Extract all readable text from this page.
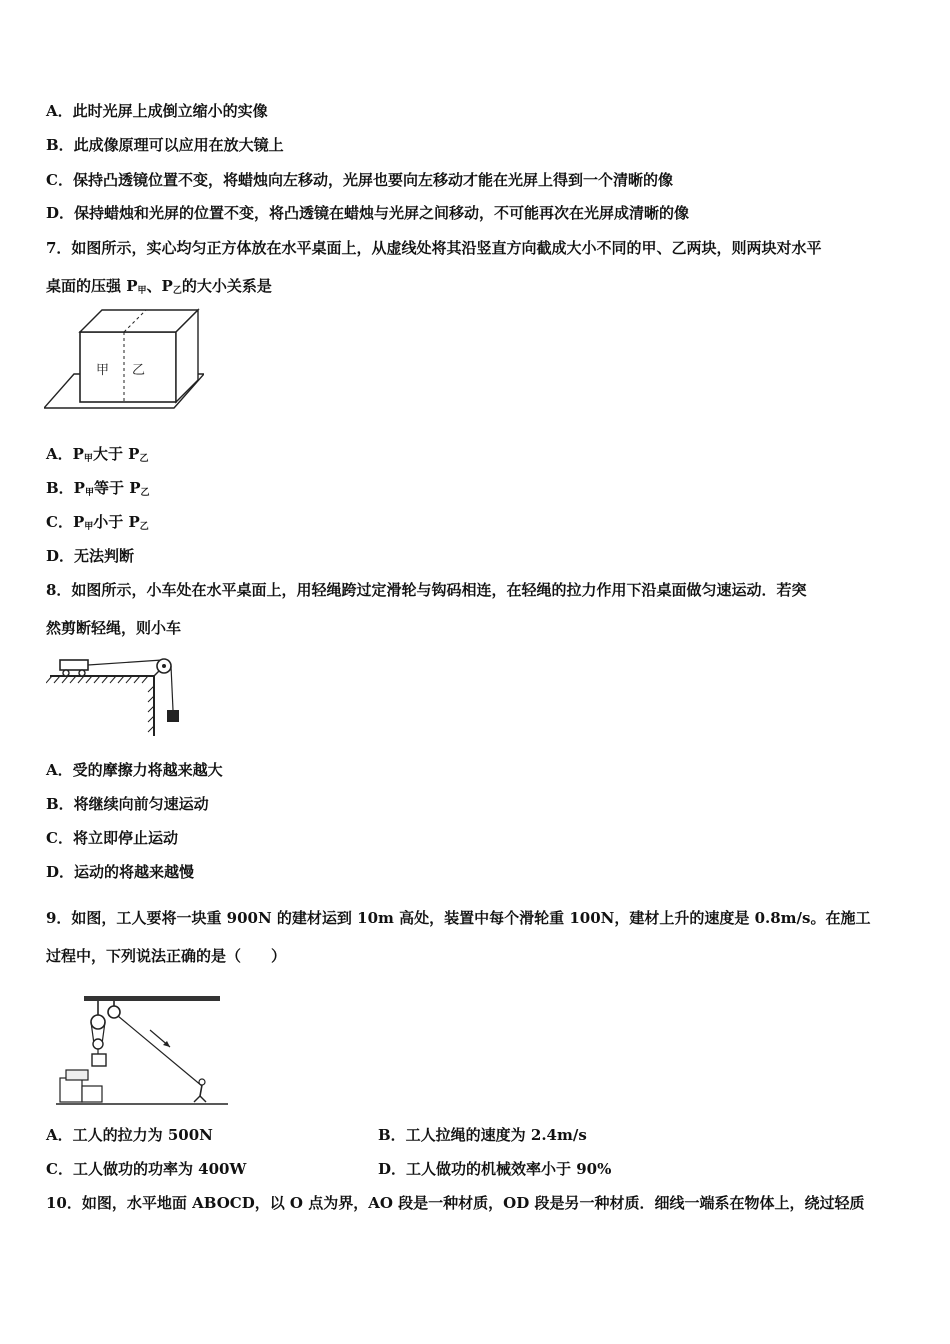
A．此时光屏上成倒立缩小的实像
B．此成像原理可以应用在放大镜上
C．保持凸透镜位置不变，将蜡烛向左移动，光屏也要向左移动才能在光屏上得到一个清晰的像
D．保持蜡烛和光屏的位置不变，将凸透镜在蜡烛与光屏之间移动，不可能再次在光屏成清晰的像
7．如图所示，实心均匀正方体放在水平桌面上，从虚线处将其沿竖直方向截成大小不同的甲、乙两块，则两块对水平
桌面的压强 $P_甲$、$P_乙$的大小关系是
甲 乙
A．$P_甲$大于 $P_乙$
B．$P_甲$等于 $P_乙$
C．$P_甲$小于 $P_乙$
D．无法判断
8．如图所示，小车处在水平桌面上，用轻绳跨过定滑轮与钩码相连，在轻绳的拉力作用下沿桌面做匀速运动．若突
然剪断轻绳，则小车
A．受的摩擦力将越来越大
B．将继续向前匀速运动
C．将立即停止运动
D．运动的将越来越慢
9．如图，工人要将一块重 900N 的建材运到 10m 高处，装置中每个滑轮重 100N，建材上升的速度是 0.8m/s。在施工
过程中，下列说法正确的是（　　）
A．工人的拉力为 500N	B．工人拉绳的速度为 2.4m/s
C．工人做功的功率为 400W	D．工人做功的机械效率小于 90%
10．如图，水平地面 ABOCD，以 O 点为界，AO 段是一种材质，OD 段是另一种材质．细线一端系在物体上，绕过轻质
